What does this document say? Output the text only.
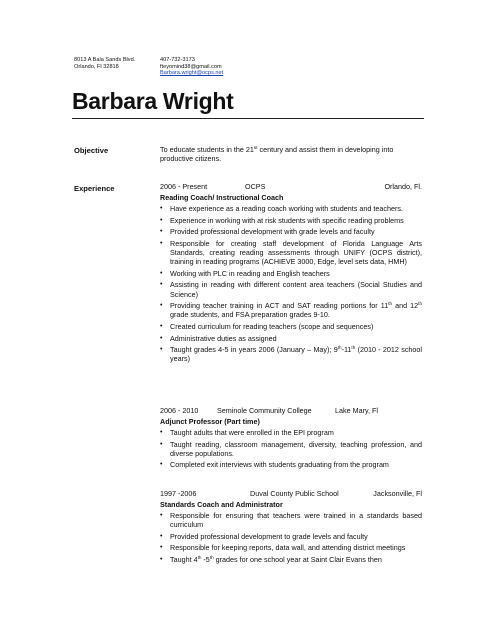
8013 A Bala Sands Blvd.
Orlando, Fl 32818
407-732-3173
fteyomind38@gmail.com
Barbara.wright@ocps.net
Barbara Wright
Objective	To educate students in the 21st century and assist them in developing into productive citizens.
Experience	2006 - Present	OCPS	Orlando, Fl.
Reading Coach/ Instructional Coach
• Have experience as a reading coach working with students and teachers.
• Experience in working with at risk students with specific reading problems
• Provided professional development with grade levels and faculty
• Responsible for creating staff development of Florida Language Arts Standards, creating reading assessments through UNIFY (OCPS district), training in reading programs (ACHIEVE 3000, Edge, level sets data, HMH)
• Working with PLC in reading and English teachers
• Assisting in reading with different content area teachers (Social Studies and Science)
• Providing teacher training in ACT and SAT reading portions for 11th and 12th grade students, and FSA preparation grades 9-10.
• Created curriculum for reading teachers (scope and sequences)
• Administrative duties as assigned
• Taught grades 4-5 in years 2006 (January – May); 9th-11th (2010 - 2012 school years)
2006 - 2010	Seminole Community College	Lake Mary, Fl
Adjunct Professor (Part time)
• Taught adults that were enrolled in the EPI program
• Taught reading, classroom management, diversity, teaching profession, and diverse populations.
• Completed exit interviews with students graduating from the program
1997 -2006	Duval County Public School	Jacksonville, Fl
Standards Coach and Administrator
• Responsible for ensuring that teachers were trained in a standards based curriculum
• Provided professional development to grade levels and faculty
• Responsible for keeping reports, data wall, and attending district meetings
• Taught 4th -5th grades for one school year at Saint Clair Evans then
